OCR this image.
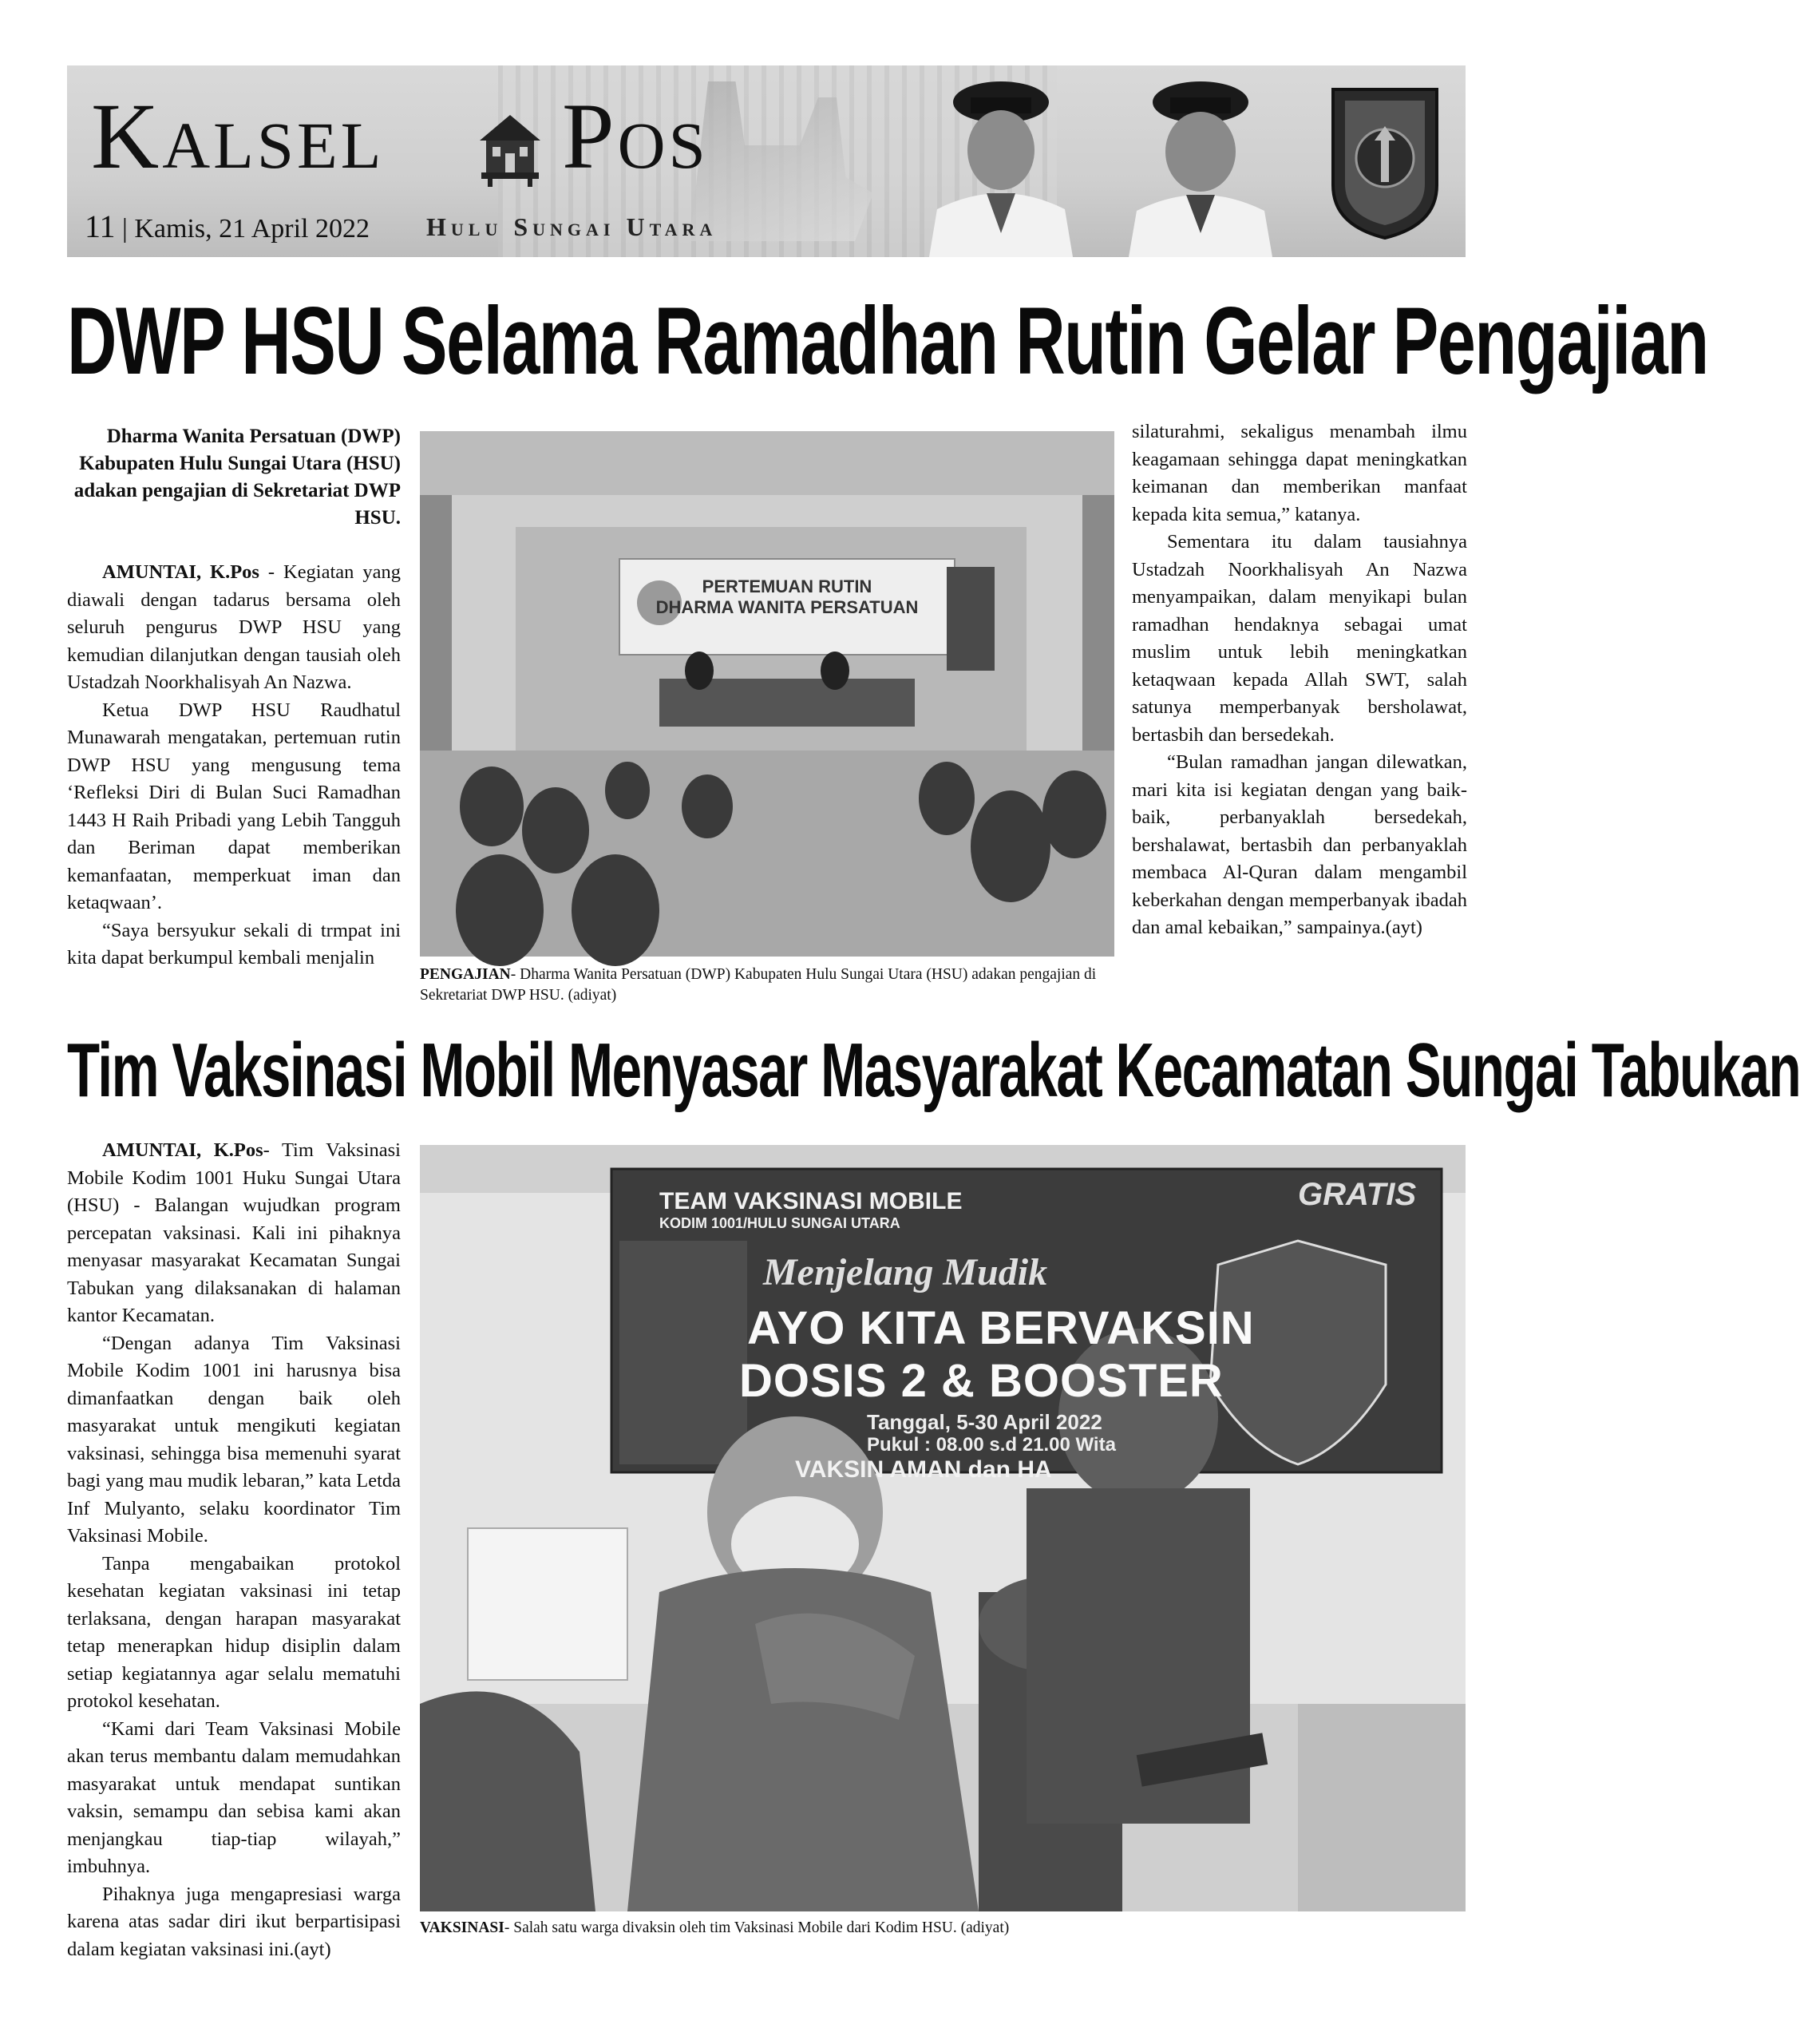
Kalsel Pos
11 | Kamis, 21 April 2022 Hulu Sungai Utara
DWP HSU Selama Ramadhan Rutin Gelar Pengajian

Dharma Wanita Persatuan (DWP) Kabupaten Hulu Sungai Utara (HSU) adakan pengajian di Sekretariat DWP HSU.

AMUNTAI, K.Pos - Kegiatan yang diawali dengan tadarus bersama oleh seluruh pengurus DWP HSU yang kemudian dilanjutkan dengan tausiah oleh Ustadzah Noorkhalisyah An Nazwa.

Ketua DWP HSU Raudhatul Munawarah mengatakan, pertemuan rutin DWP HSU yang mengusung tema ‘Refleksi Diri di Bulan Suci Ramadhan 1443 H Raih Pribadi yang Lebih Tangguh dan Beriman dapat memberikan kemanfaatan, memperkuat iman dan ketaqwaan’.

“Saya bersyukur sekali di trmpat ini kita dapat berkumpul kembali menjalin

PERTEMUAN RUTIN
DHARMA WANITA PERSATUAN
PENGAJIAN- Dharma Wanita Persatuan (DWP) Kabupaten Hulu Sungai Utara (HSU) adakan pengajian di Sekretariat DWP HSU. (adiyat)

silaturahmi, sekaligus menambah ilmu keagamaan sehingga dapat meningkatkan keimanan dan memberikan manfaat kepada kita semua,” katanya.

Sementara itu dalam tausiahnya Ustadzah Noorkhalisyah An Nazwa menyampaikan, dalam menyikapi bulan ramadhan hendaknya sebagai umat muslim untuk lebih meningkatkan ketaqwaan kepada Allah SWT, salah satunya memperbanyak bersholawat, bertasbih dan bersedekah.

“Bulan ramadhan jangan dilewatkan, mari kita isi kegiatan dengan yang baik-baik, perbanyaklah bersedekah, bershalawat, bertasbih dan perbanyaklah membaca Al-Quran dalam mengambil keberkahan dengan memperbanyak ibadah dan amal kebaikan,” sampainya.(ayt)

Tim Vaksinasi Mobil Menyasar Masyarakat Kecamatan Sungai Tabukan

AMUNTAI, K.Pos- Tim Vaksinasi Mobile Kodim 1001 Huku Sungai Utara (HSU) - Balangan wujudkan program percepatan vaksinasi. Kali ini pihaknya menyasar masyarakat Kecamatan Sungai Tabukan yang dilaksanakan di halaman kantor Kecamatan.

“Dengan adanya Tim Vaksinasi Mobile Kodim 1001 ini harusnya bisa dimanfaatkan dengan baik oleh masyarakat untuk mengikuti kegiatan vaksinasi, sehingga bisa memenuhi syarat bagi yang mau mudik lebaran,” kata Letda Inf Mulyanto, selaku koordinator Tim Vaksinasi Mobile.

Tanpa mengabaikan protokol kesehatan kegiatan vaksinasi ini tetap terlaksana, dengan harapan masyarakat tetap menerapkan hidup disiplin dalam setiap kegiatannya agar selalu mematuhi protokol kesehatan.

“Kami dari Team Vaksinasi Mobile akan terus membantu dalam memudahkan masyarakat untuk mendapat suntikan vaksin, semampu dan sebisa kami akan menjangkau tiap-tiap wilayah,” imbuhnya.

Pihaknya juga mengapresiasi warga karena atas sadar diri ikut berpartisipasi dalam kegiatan vaksinasi ini.(ayt)

TEAM VAKSINASI MOBILE
KODIM 1001/HULU SUNGAI UTARA
GRATIS
Menjelang Mudik
AYO KITA BERVAKSIN
DOSIS 2 & BOOSTER
Tanggal, 5-30 April 2022
Pukul : 08.00 s.d 21.00 Wita
VAKSIN AMAN dan HA
VAKSINASI- Salah satu warga divaksin oleh tim Vaksinasi Mobile dari Kodim HSU. (adiyat)
